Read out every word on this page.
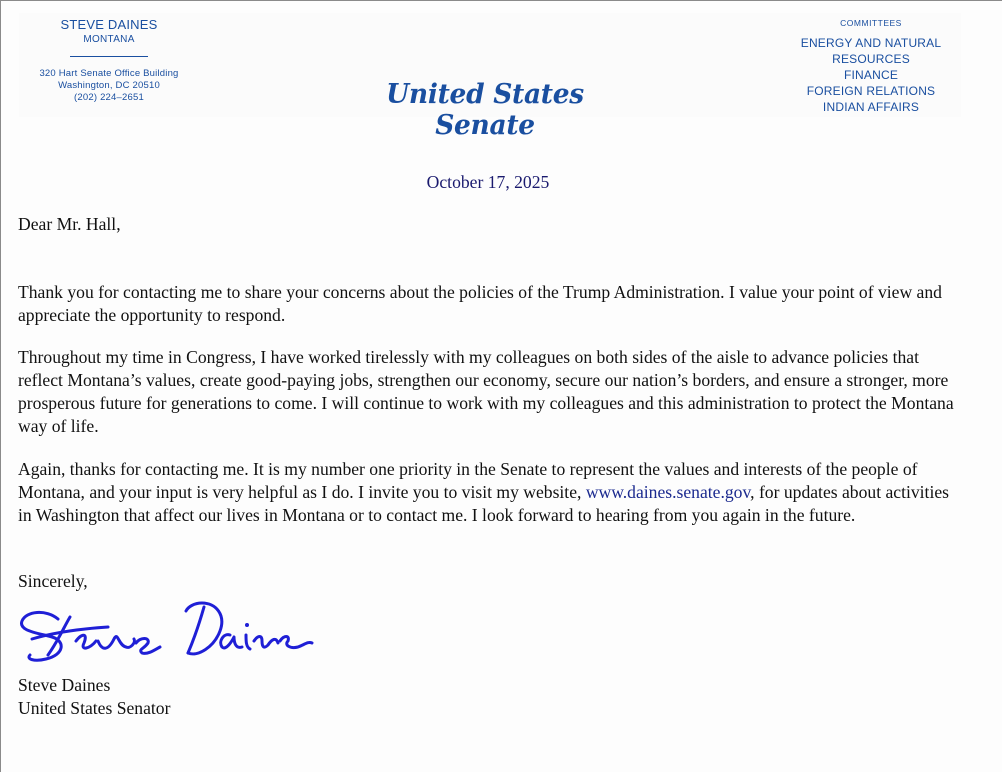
STEVE DAINES
MONTANA
320 Hart Senate Office Building
Washington, DC 20510
(202) 224–2651	United States Senate
COMMITTEES
ENERGY AND NATURAL RESOURCES
FINANCE
FOREIGN RELATIONS
INDIAN AFFAIRS
October 17, 2025
Dear Mr. Hall,

Thank you for contacting me to share your concerns about the policies of the Trump Administration. I value your point of view and appreciate the opportunity to respond.

Throughout my time in Congress, I have worked tirelessly with my colleagues on both sides of the aisle to advance policies that reflect Montana’s values, create good-paying jobs, strengthen our economy, secure our nation’s borders, and ensure a stronger, more prosperous future for generations to come. I will continue to work with my colleagues and this administration to protect the Montana way of life.

Again, thanks for contacting me. It is my number one priority in the Senate to represent the values and interests of the people of Montana, and your input is very helpful as I do. I invite you to visit my website, www.daines.senate.gov, for updates about activities in Washington that affect our lives in Montana or to contact me. I look forward to hearing from you again in the future.

Sincerely,
Steve Daines
United States Senator
